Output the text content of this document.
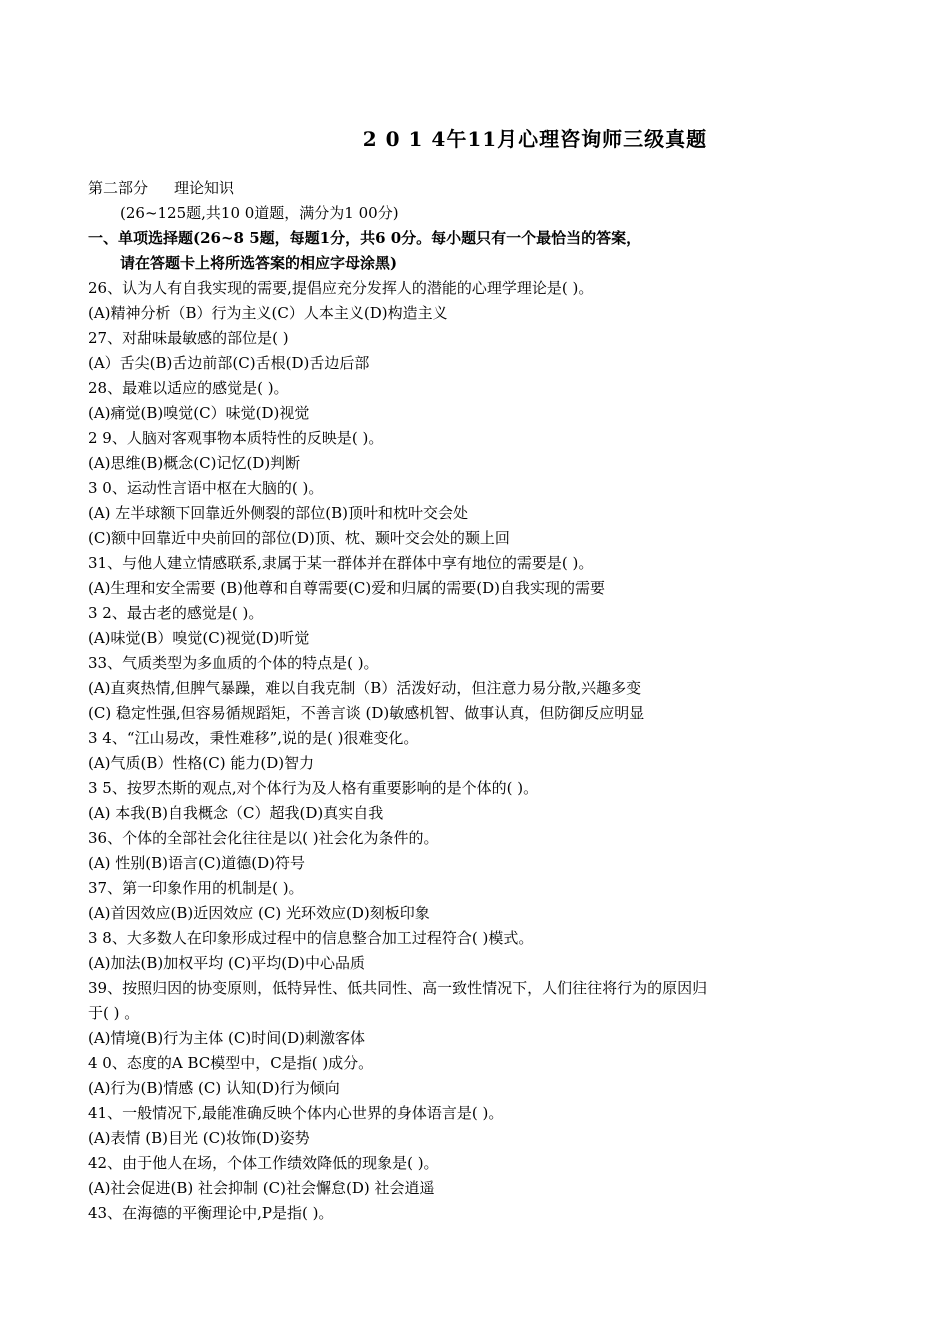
2 0 1 4午11月心理咨询师三级真题
第二部分 理论知识
(26~125题,共10 0道题，满分为1 00分)
一、单项选择题(26~8 5题，每题1分，共6 0分。每小题只有一个最恰当的答案，
请在答题卡上将所选答案的相应字母涂黑)
26、认为人有自我实现的需要,提倡应充分发挥人的潜能的心理学理论是( )。
(A)精神分析（B）行为主义(C）人本主义(D)构造主义
27、对甜味最敏感的部位是( )
(A）舌尖(B)舌边前部(C)舌根(D)舌边后部
28、最难以适应的感觉是( )。
(A)痛觉(B)嗅觉(C）味觉(D)视觉
2 9、人脑对客观事物本质特性的反映是( )。
(A)思维(B)概念(C)记忆(D)判断
3 0、运动性言语中枢在大脑的( )。
(A) 左半球额下回靠近外侧裂的部位(B)顶叶和枕叶交会处
(C)额中回靠近中央前回的部位(D)顶、枕、颞叶交会处的颞上回
31、与他人建立情感联系,隶属于某一群体并在群体中享有地位的需要是( )。
(A)生理和安全需要 (B)他尊和自尊需要(C)爱和归属的需要(D)自我实现的需要
3 2、最古老的感觉是( )。
(A)味觉(B）嗅觉(C)视觉(D)听觉
33、气质类型为多血质的个体的特点是( )。
(A)直爽热情,但脾气暴躁，难以自我克制（B）活泼好动，但注意力易分散,兴趣多变
(C) 稳定性强,但容易循规蹈矩，不善言谈 (D)敏感机智、做事认真，但防御反应明显
3 4、“江山易改，秉性难移”,说的是( )很难变化。
(A)气质(B）性格(C) 能力(D)智力
3 5、按罗杰斯的观点,对个体行为及人格有重要影响的是个体的( )。
(A) 本我(B)自我概念（C）超我(D)真实自我
36、个体的全部社会化往往是以( )社会化为条件的。
(A) 性别(B)语言(C)道德(D)符号
37、第一印象作用的机制是( )。
(A)首因效应(B)近因效应 (C) 光环效应(D)刻板印象
3 8、大多数人在印象形成过程中的信息整合加工过程符合( )模式。
(A)加法(B)加权平均 (C)平均(D)中心品质
39、按照归因的协变原则，低特异性、低共同性、高一致性情况下，人们往往将行为的原因归
于( ) 。
(A)情境(B)行为主体 (C)时间(D)刺激客体
4 0、态度的A BC模型中，C是指( )成分。
(A)行为(B)情感 (C) 认知(D)行为倾向
41、一般情况下,最能准确反映个体内心世界的身体语言是( )。
(A)表情 (B)目光 (C)妆饰(D)姿势
42、由于他人在场，个体工作绩效降低的现象是( )。
(A)社会促进(B) 社会抑制 (C)社会懈怠(D) 社会逍遥
43、在海德的平衡理论中,P是指( )。
